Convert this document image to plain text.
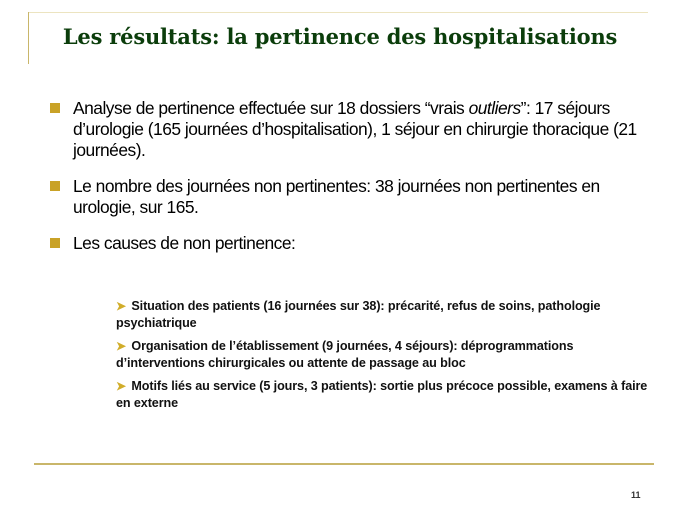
Les résultats: la pertinence des hospitalisations
Analyse de pertinence effectuée sur 18 dossiers “vrais outliers”: 17 séjours d’urologie (165 journées d’hospitalisation), 1 séjour en chirurgie thoracique (21 journées).
Le nombre des journées non pertinentes: 38 journées non pertinentes en urologie, sur 165.
Les causes de non pertinence:
➤ Situation des patients (16 journées sur 38): précarité, refus de soins, pathologie psychiatrique
➤ Organisation de l’établissement (9 journées, 4 séjours): déprogrammations d’interventions chirurgicales ou attente de passage au bloc
➤ Motifs liés au service (5 jours, 3 patients): sortie plus précoce possible, examens à faire en externe
11
